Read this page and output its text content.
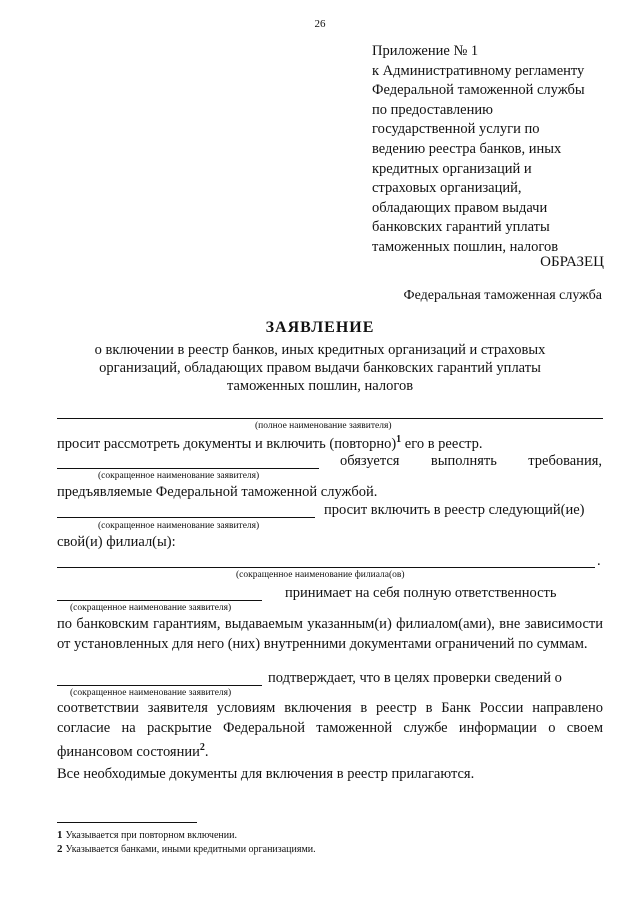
26
Приложение № 1
к Административному регламенту
Федеральной таможенной службы
по предоставлению
государственной услуги по
ведению реестра банков, иных
кредитных организаций и
страховых организаций,
обладающих правом выдачи
банковских гарантий уплаты
таможенных пошлин, налогов
ОБРАЗЕЦ
Федеральная таможенная служба
ЗАЯВЛЕНИЕ
о включении в реестр банков, иных кредитных организаций и страховых организаций, обладающих правом выдачи банковских гарантий уплаты таможенных пошлин, налогов
(полное наименование заявителя)
просит рассмотреть документы и включить (повторно)$^1$ его в реестр.
обязуется выполнять требования,
(сокращенное наименование заявителя)
предъявляемые Федеральной таможенной службой.
просит включить в реестр следующий(ие)
(сокращенное наименование заявителя)
свой(и) филиал(ы):
.
(сокращенное наименование филиала(ов)
принимает на себя полную ответственность
(сокращенное наименование заявителя)
по банковским гарантиям, выдаваемым указанным(и) филиалом(ами), вне зависимости от установленных для него (них) внутренними документами ограничений по суммам.
подтверждает, что в целях проверки сведений о
(сокращенное наименование заявителя)
соответствии заявителя условиям включения в реестр в Банк России направлено согласие на раскрытие Федеральной таможенной службе информации о своем финансовом состоянии$^2$.
Все необходимые документы для включения в реестр прилагаются.
1 Указывается при повторном включении.
2 Указывается банками, иными кредитными организациями.
